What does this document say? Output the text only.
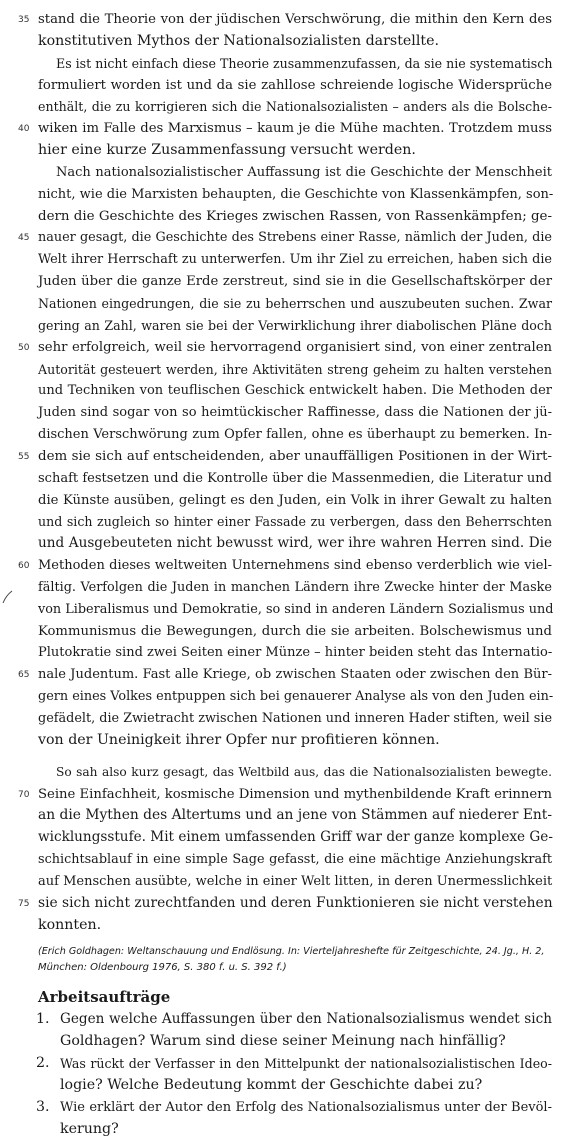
35 stand die Theorie von der jüdischen Verschwörung, die mithin den Kern des
konstitutiven Mythos der Nationalsozialisten darstellte.
Es ist nicht einfach diese Theorie zusammenzufassen, da sie nie systematisch
formuliert worden ist und da sie zahllose schreiende logische Widersprüche
enthält, die zu korrigieren sich die Nationalsozialisten – anders als die Bolsche-
40 wiken im Falle des Marxismus – kaum je die Mühe machten. Trotzdem muss
hier eine kurze Zusammenfassung versucht werden.
Nach nationalsozialistischer Auffassung ist die Geschichte der Menschheit
nicht, wie die Marxisten behaupten, die Geschichte von Klassenkämpfen, son-
dern die Geschichte des Krieges zwischen Rassen, von Rassenkämpfen; ge-
45 nauer gesagt, die Geschichte des Strebens einer Rasse, nämlich der Juden, die
Welt ihrer Herrschaft zu unterwerfen. Um ihr Ziel zu erreichen, haben sich die
Juden über die ganze Erde zerstreut, sind sie in die Gesellschaftskörper der
Nationen eingedrungen, die sie zu beherrschen und auszubeuten suchen. Zwar
gering an Zahl, waren sie bei der Verwirklichung ihrer diabolischen Pläne doch
50 sehr erfolgreich, weil sie hervorragend organisiert sind, von einer zentralen
Autorität gesteuert werden, ihre Aktivitäten streng geheim zu halten verstehen
und Techniken von teuflischen Geschick entwickelt haben. Die Methoden der
Juden sind sogar von so heimtückischer Raffinesse, dass die Nationen der jü-
dischen Verschwörung zum Opfer fallen, ohne es überhaupt zu bemerken. In-
55 dem sie sich auf entscheidenden, aber unauffälligen Positionen in der Wirt-
schaft festsetzen und die Kontrolle über die Massenmedien, die Literatur und
die Künste ausüben, gelingt es den Juden, ein Volk in ihrer Gewalt zu halten
und sich zugleich so hinter einer Fassade zu verbergen, dass den Beherrschten
und Ausgebeuteten nicht bewusst wird, wer ihre wahren Herren sind. Die
60 Methoden dieses weltweiten Unternehmens sind ebenso verderblich wie viel-
fältig. Verfolgen die Juden in manchen Ländern ihre Zwecke hinter der Maske
von Liberalismus und Demokratie, so sind in anderen Ländern Sozialismus und
Kommunismus die Bewegungen, durch die sie arbeiten. Bolschewismus und
Plutokratie sind zwei Seiten einer Münze – hinter beiden steht das Internatio-
65 nale Judentum. Fast alle Kriege, ob zwischen Staaten oder zwischen den Bür-
gern eines Volkes entpuppen sich bei genauerer Analyse als von den Juden ein-
gefädelt, die Zwietracht zwischen Nationen und inneren Hader stiften, weil sie
von der Uneinigkeit ihrer Opfer nur profitieren können.
So sah also kurz gesagt, das Weltbild aus, das die Nationalsozialisten bewegte.
70 Seine Einfachheit, kosmische Dimension und mythenbildende Kraft erinnern
an die Mythen des Altertums und an jene von Stämmen auf niederer Ent-
wicklungsstufe. Mit einem umfassenden Griff war der ganze komplexe Ge-
schichtsablauf in eine simple Sage gefasst, die eine mächtige Anziehungskraft
auf Menschen ausübte, welche in einer Welt litten, in deren Unermesslichkeit
75 sie sich nicht zurechtfanden und deren Funktionieren sie nicht verstehen
konnten.
(Erich Goldhagen: Weltanschauung und Endlösung. In: Vierteljahreshefte für Zeitgeschichte, 24. Jg., H. 2,
München: Oldenbourg 1976, S. 380 f. u. S. 392 f.)
Arbeitsaufträge
1. Gegen welche Auffassungen über den Nationalsozialismus wendet sich
Goldhagen? Warum sind diese seiner Meinung nach hinfällig?
2. Was rückt der Verfasser in den Mittelpunkt der nationalsozialistischen Ideo-
logie? Welche Bedeutung kommt der Geschichte dabei zu?
3. Wie erklärt der Autor den Erfolg des Nationalsozialismus unter der Bevöl-
kerung?
